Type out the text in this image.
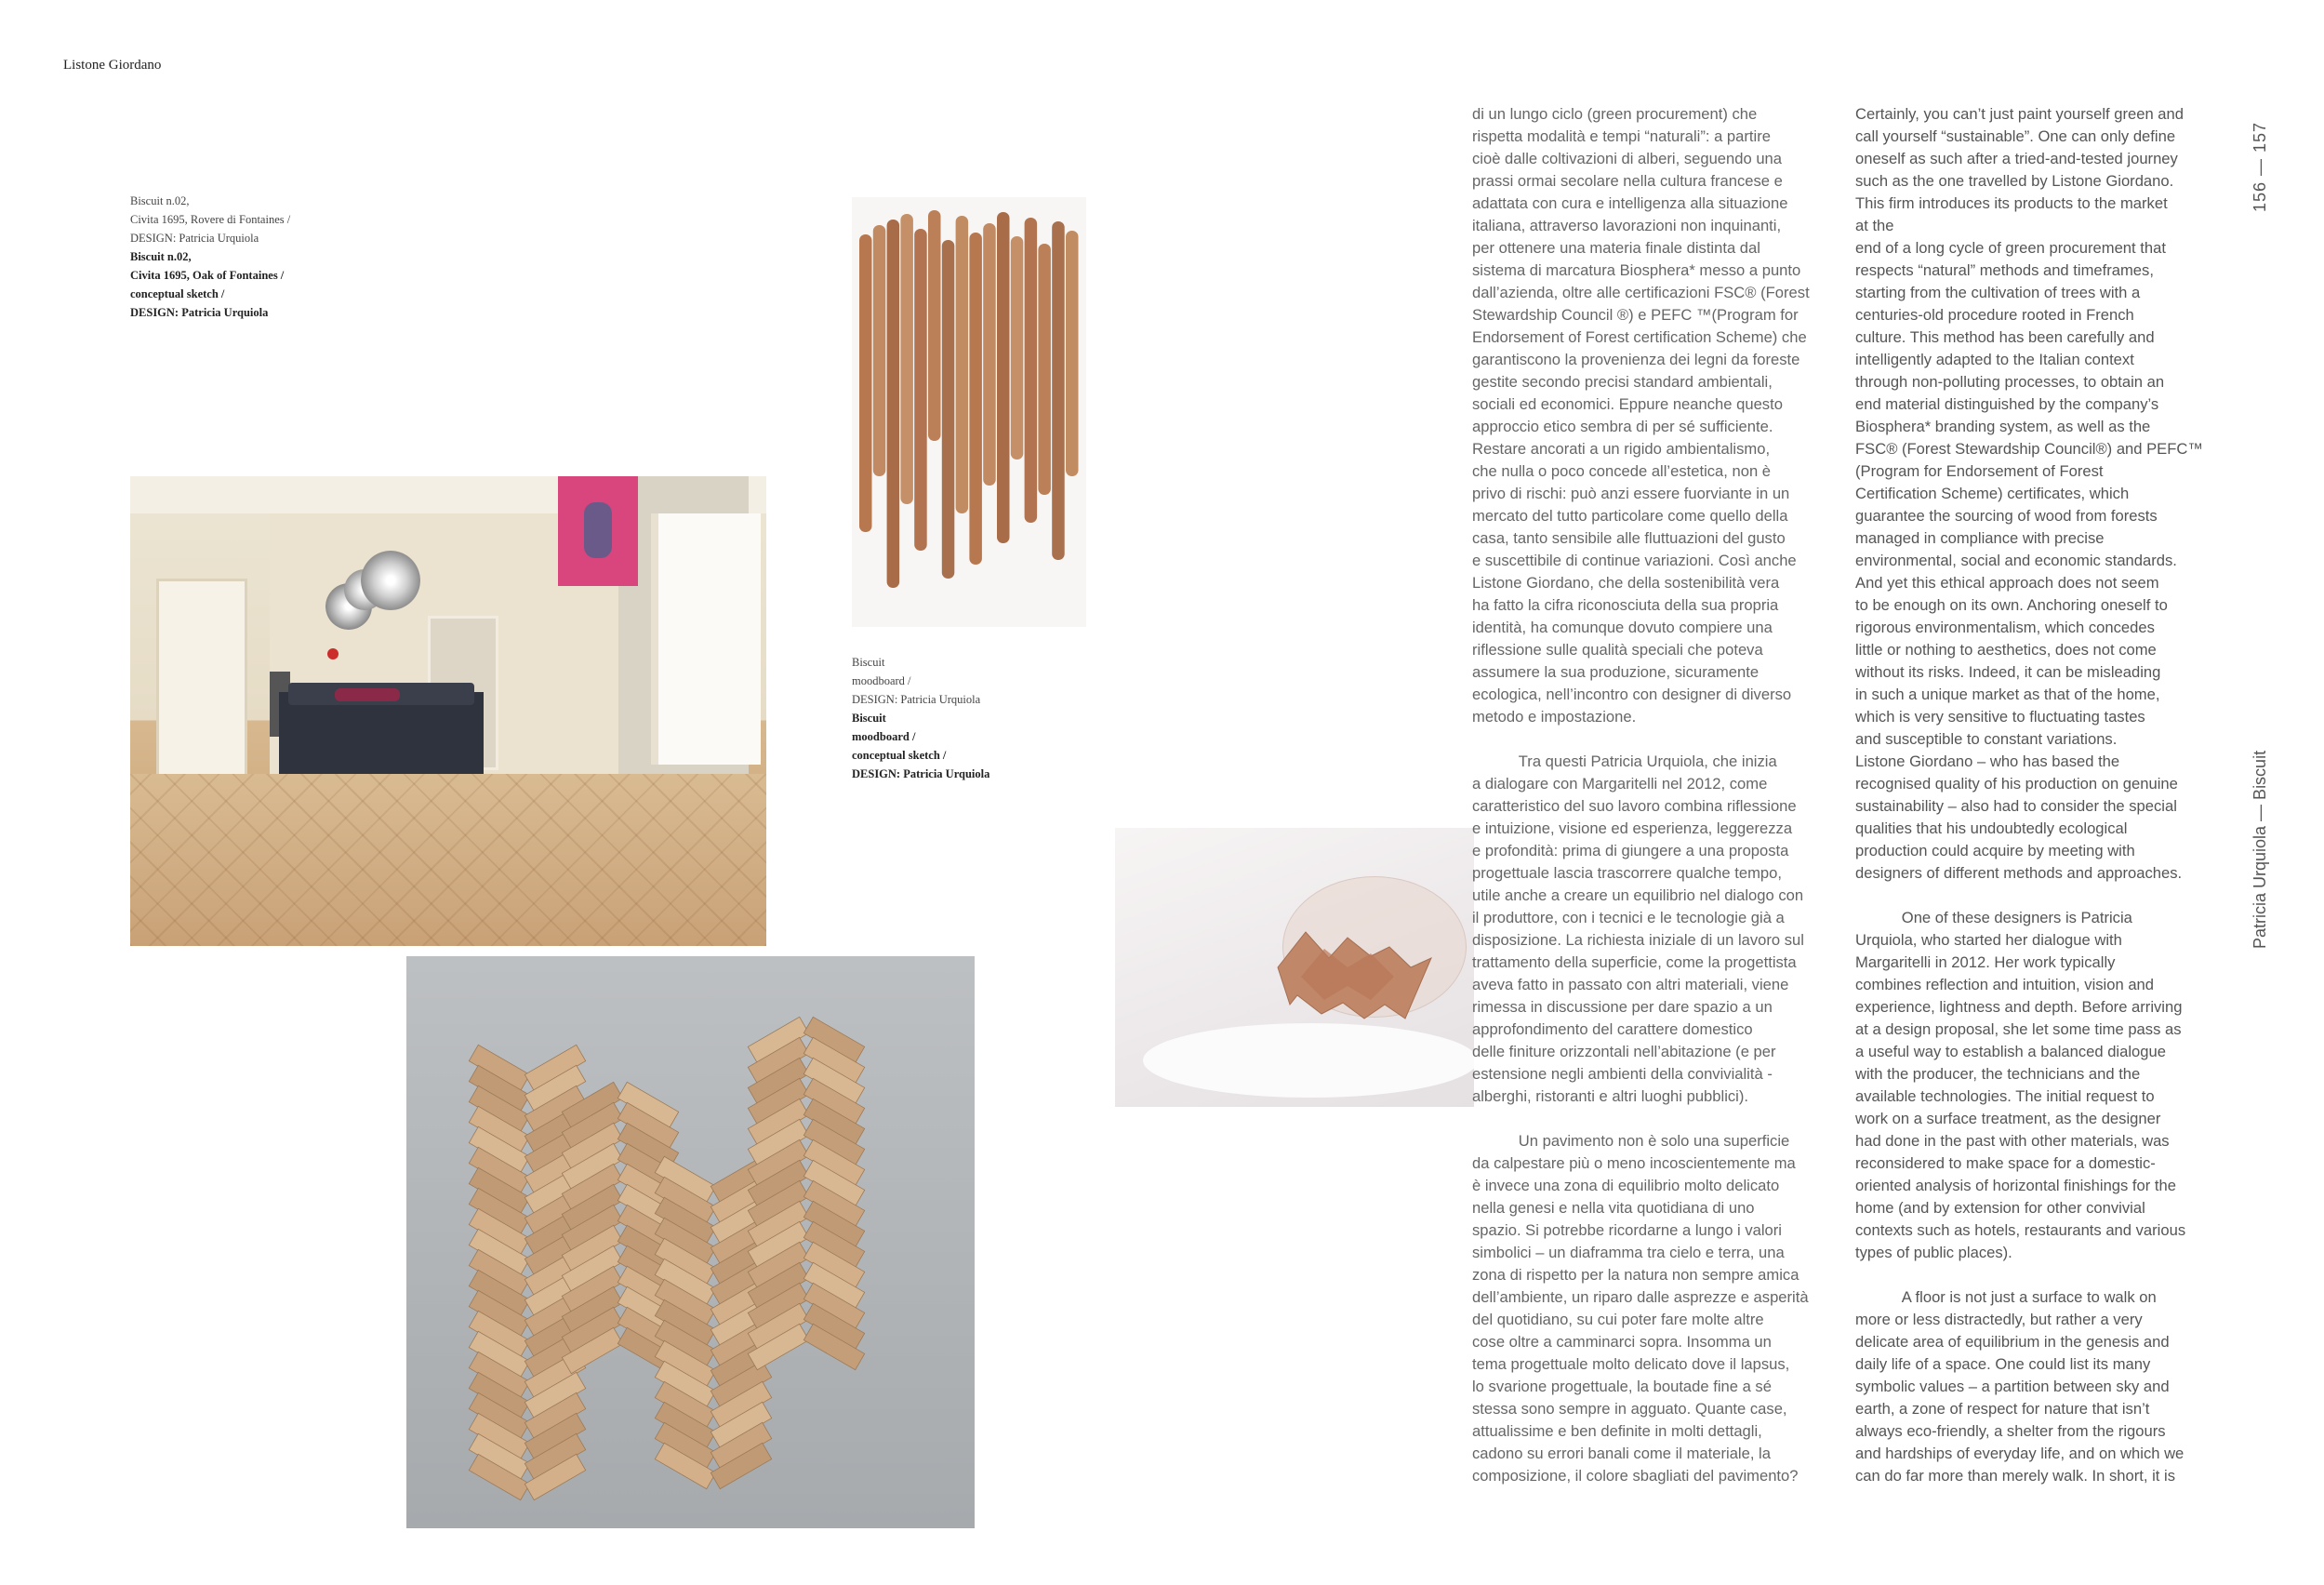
Listone Giordano
156 — 157
Patricia Urquiola — Biscuit
Biscuit n.02,
Civita 1695, Rovere di Fontaines /
DESIGN: Patricia Urquiola
Biscuit n.02,
Civita 1695, Oak of Fontaines /
conceptual sketch /
DESIGN: Patricia Urquiola
Biscuit
moodboard /
DESIGN: Patricia Urquiola
Biscuit
moodboard /
conceptual sketch /
DESIGN: Patricia Urquiola
di un lungo ciclo (green procurement) che
rispetta modalità e tempi “naturali”: a partire
cioè dalle coltivazioni di alberi, seguendo una
prassi ormai secolare nella cultura francese e
adattata con cura e intelligenza alla situazione
italiana, attraverso lavorazioni non inquinanti,
per ottenere una materia finale distinta dal
sistema di marcatura Biosphera* messo a punto
dall’azienda, oltre alle certificazioni FSC® (Forest
Stewardship Council ®) e PEFC ™(Program for
Endorsement of Forest certification Scheme) che
garantiscono la provenienza dei legni da foreste
gestite secondo precisi standard ambientali,
sociali ed economici. Eppure neanche questo
approccio etico sembra di per sé sufficiente.
Restare ancorati a un rigido ambientalismo,
che nulla o poco concede all’estetica, non è
privo di rischi: può anzi essere fuorviante in un
mercato del tutto particolare come quello della
casa, tanto sensibile alle fluttuazioni del gusto
e suscettibile di continue variazioni. Così anche
Listone Giordano, che della sostenibilità vera
ha fatto la cifra riconosciuta della sua propria
identità, ha comunque dovuto compiere una
riflessione sulle qualità speciali che poteva
assumere la sua produzione, sicuramente
ecologica, nell’incontro con designer di diverso
metodo e impostazione.
   Tra questi Patricia Urquiola, che inizia
a dialogare con Margaritelli nel 2012, come
caratteristico del suo lavoro combina riflessione
e intuizione, visione ed esperienza, leggerezza
e profondità: prima di giungere a una proposta
progettuale lascia trascorrere qualche tempo,
utile anche a creare un equilibrio nel dialogo con
il produttore, con i tecnici e le tecnologie già a
disposizione. La richiesta iniziale di un lavoro sul
trattamento della superficie, come la progettista
aveva fatto in passato con altri materiali, viene
rimessa in discussione per dare spazio a un
approfondimento del carattere domestico
delle finiture orizzontali nell’abitazione (e per
estensione negli ambienti della convivialità -
alberghi, ristoranti e altri luoghi pubblici).
   Un pavimento non è solo una superficie
da calpestare più o meno incoscientemente ma
è invece una zona di equilibrio molto delicato
nella genesi e nella vita quotidiana di uno
spazio. Si potrebbe ricordarne a lungo i valori
simbolici – un diaframma tra cielo e terra, una
zona di rispetto per la natura non sempre amica
dell’ambiente, un riparo dalle asprezze e asperità
del quotidiano, su cui poter fare molte altre
cose oltre a camminarci sopra. Insomma un
tema progettuale molto delicato dove il lapsus,
lo svarione progettuale, la boutade fine a sé
stessa sono sempre in agguato. Quante case,
attualissime e ben definite in molti dettagli,
cadono su errori banali come il materiale, la
composizione, il colore sbagliati del pavimento?
Certainly, you can’t just paint yourself green and
call yourself “sustainable”. One can only define
oneself as such after a tried-and-tested journey
such as the one travelled by Listone Giordano.
This firm introduces its products to the market
at the
end of a long cycle of green procurement that
respects “natural” methods and timeframes,
starting from the cultivation of trees with a
centuries-old procedure rooted in French
culture. This method has been carefully and
intelligently adapted to the Italian context
through non-polluting processes, to obtain an
end material distinguished by the company’s
Biosphera* branding system, as well as the
FSC® (Forest Stewardship Council®) and PEFC™
(Program for Endorsement of Forest
Certification Scheme) certificates, which
guarantee the sourcing of wood from forests
managed in compliance with precise
environmental, social and economic standards.
And yet this ethical approach does not seem
to be enough on its own. Anchoring oneself to
rigorous environmentalism, which concedes
little or nothing to aesthetics, does not come
without its risks. Indeed, it can be misleading
in such a unique market as that of the home,
which is very sensitive to fluctuating tastes
and susceptible to constant variations.
Listone Giordano – who has based the
recognised quality of his production on genuine
sustainability – also had to consider the special
qualities that his undoubtedly ecological
production could acquire by meeting with
designers of different methods and approaches.
   One of these designers is Patricia
Urquiola, who started her dialogue with
Margaritelli in 2012. Her work typically
combines reflection and intuition, vision and
experience, lightness and depth. Before arriving
at a design proposal, she let some time pass as
a useful way to establish a balanced dialogue
with the producer, the technicians and the
available technologies. The initial request to
work on a surface treatment, as the designer
had done in the past with other materials, was
reconsidered to make space for a domestic-
oriented analysis of horizontal finishings for the
home (and by extension for other convivial
contexts such as hotels, restaurants and various
types of public places).
   A floor is not just a surface to walk on
more or less distractedly, but rather a very
delicate area of equilibrium in the genesis and
daily life of a space. One could list its many
symbolic values – a partition between sky and
earth, a zone of respect for nature that isn’t
always eco-friendly, a shelter from the rigours
and hardships of everyday life, and on which we
can do far more than merely walk. In short, it is
